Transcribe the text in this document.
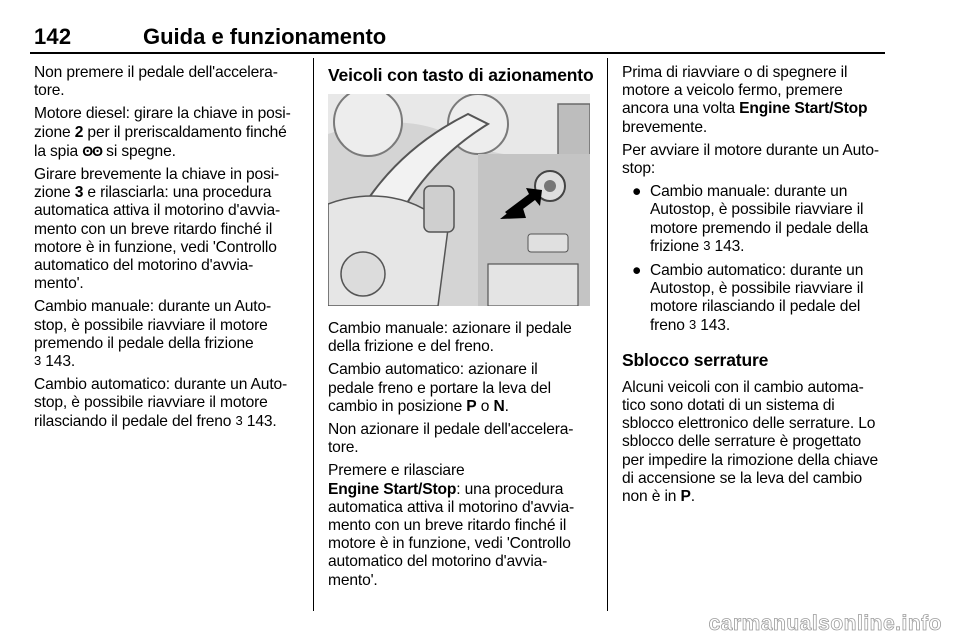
142	Guida e funzionamento

Non premere il pedale dell'accelera-
tore.

Motore diesel: girare la chiave in posi-
zione 2 per il preriscaldamento finché
la spia ʘʘ si spegne.

Girare brevemente la chiave in posi-
zione 3 e rilasciarla: una procedura
automatica attiva il motorino d'avvia-
mento con un breve ritardo finché il
motore è in funzione, vedi 'Controllo
automatico del motorino d'avvia-
mento'.

Cambio manuale: durante un Auto-
stop, è possibile riavviare il motore
premendo il pedale della frizione
3 143.

Cambio automatico: durante un Auto-
stop, è possibile riavviare il motore
rilasciando il pedale del freno 3 143.

Veicoli con tasto di azionamento

Cambio manuale: azionare il pedale
della frizione e del freno.

Cambio automatico: azionare il
pedale freno e portare la leva del
cambio in posizione P o N.

Non azionare il pedale dell'accelera-
tore.

Premere e rilasciare
Engine Start/Stop: una procedura
automatica attiva il motorino d'avvia-
mento con un breve ritardo finché il
motore è in funzione, vedi 'Controllo
automatico del motorino d'avvia-
mento'.

Prima di riavviare o di spegnere il
motore a veicolo fermo, premere
ancora una volta Engine Start/Stop
brevemente.

Per avviare il motore durante un Auto-
stop:

● Cambio manuale: durante un
Autostop, è possibile riavviare il
motore premendo il pedale della
frizione 3 143.
● Cambio automatico: durante un
Autostop, è possibile riavviare il
motore rilasciando il pedale del
freno 3 143.
Sblocco serrature

Alcuni veicoli con il cambio automa-
tico sono dotati di un sistema di
sblocco elettronico delle serrature. Lo
sblocco delle serrature è progettato
per impedire la rimozione della chiave
di accensione se la leva del cambio
non è in P.

carmanualsonline.info
